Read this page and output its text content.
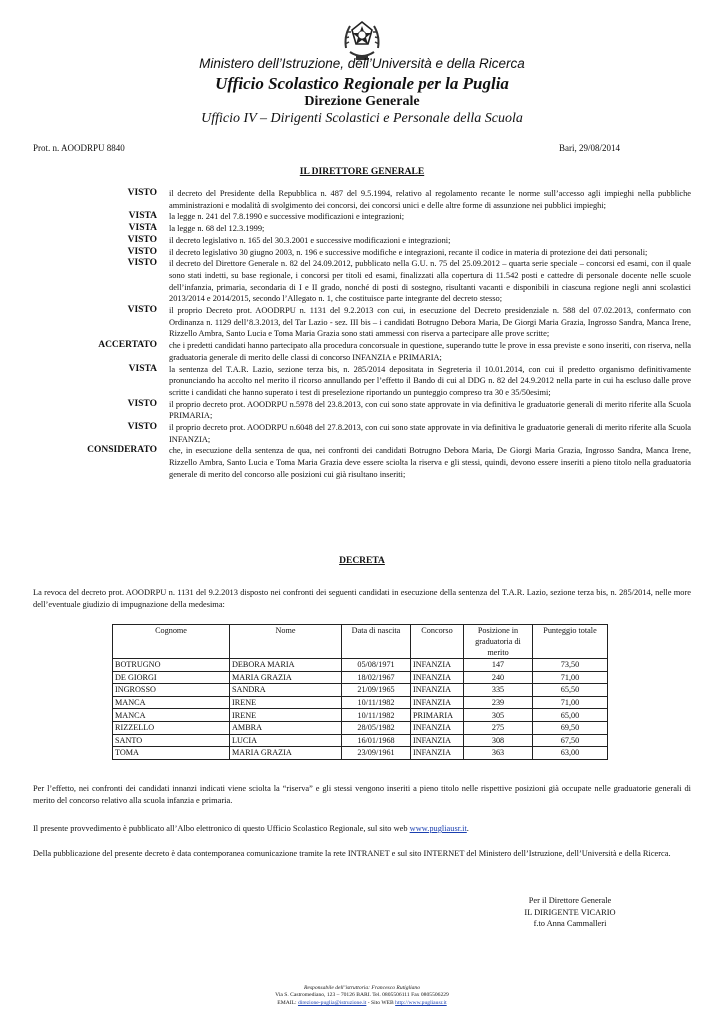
Ministero dell’Istruzione, dell’Università e della Ricerca
Ufficio Scolastico Regionale per la Puglia
Direzione Generale
Ufficio IV – Dirigenti Scolastici e Personale della Scuola
Prot. n. AOODRPU 8840	Bari, 29/08/2014
IL DIRETTORE GENERALE
VISTO	il decreto del Presidente della Repubblica n. 487 del 9.5.1994, relativo al regolamento recante le norme sull’accesso agli impieghi nella pubbliche amministrazioni e modalità di svolgimento dei concorsi, dei concorsi unici e delle altre forme di assunzione nei pubblici impieghi;
VISTA	la legge n. 241 del 7.8.1990 e successive modificazioni e integrazioni;
VISTA	la legge n. 68 del 12.3.1999;
VISTO	il decreto legislativo n. 165 del 30.3.2001 e successive modificazioni e integrazioni;
VISTO	il decreto legislativo 30 giugno 2003, n. 196 e successive modifiche e integrazioni, recante il codice in materia di protezione dei dati personali;
VISTO	il decreto del Direttore Generale n. 82 del 24.09.2012, pubblicato nella G.U. n. 75 del 25.09.2012 – quarta serie speciale – concorsi ed esami, con il quale sono stati indetti, su base regionale, i concorsi per titoli ed esami, finalizzati alla copertura di 11.542 posti e cattedre di personale docente nelle scuole dell’infanzia, primaria, secondaria di I e II grado, nonché di posti di sostegno, risultanti vacanti e disponibili in ciascuna regione negli anni scolastici 2013/2014 e 2014/2015, secondo l’Allegato n. 1, che costituisce parte integrante del decreto stesso;
VISTO	il proprio Decreto prot. AOODRPU n. 1131 del 9.2.2013 con cui, in esecuzione del Decreto presidenziale n. 588 del 07.02.2013, confermato con Ordinanza n. 1129 dell’8.3.2013, del Tar Lazio - sez. III bis – i candidati Botrugno Debora Maria, De Giorgi Maria Grazia, Ingrosso Sandra, Manca Irene, Rizzello Ambra, Santo Lucia e Toma Maria Grazia sono stati ammessi con riserva a partecipare alle prove scritte;
ACCERTATO	che i predetti candidati hanno partecipato alla procedura concorsuale in questione, superando tutte le prove in essa previste e sono inseriti, con riserva, nella graduatoria generale di merito delle classi di concorso INFANZIA e PRIMARIA;
VISTA	la sentenza del T.A.R. Lazio, sezione terza bis, n. 285/2014 depositata in Segreteria il 10.01.2014, con cui il predetto organismo definitivamente pronunciando ha accolto nel merito il ricorso annullando per l’effetto il Bando di cui al DDG n. 82 del 24.9.2012 nella parte in cui ha escluso dalle prove scritte i candidati che hanno superato i test di preselezione riportando un punteggio compreso tra 30 e 35/50esimi;
VISTO	il proprio decreto prot. AOODRPU n.5978 del 23.8.2013, con cui sono state approvate in via definitiva le graduatorie generali di merito riferite alla Scuola PRIMARIA;
VISTO	il proprio decreto prot. AOODRPU n.6048 del 27.8.2013, con cui sono state approvate in via definitiva le graduatorie generali di merito riferite alla Scuola INFANZIA;
CONSIDERATO	che, in esecuzione della sentenza de qua, nei confronti dei candidati Botrugno Debora Maria, De Giorgi Maria Grazia, Ingrosso Sandra, Manca Irene, Rizzello Ambra, Santo Lucia e Toma Maria Grazia deve essere sciolta la riserva e gli stessi, quindi, devono essere inseriti a pieno titolo nella graduatoria generale di merito del concorso alle posizioni cui già risultano inseriti;
DECRETA
La revoca del decreto prot. AOODRPU n. 1131 del 9.2.2013 disposto nei confronti dei seguenti candidati in esecuzione della sentenza del T.A.R. Lazio, sezione terza bis, n. 285/2014, nelle more dell’eventuale giudizio di impugnazione della medesima:
Cognome	Nome	Data di nascita	Concorso	Posizione in graduatoria di merito	Punteggio totale
BOTRUGNO	DEBORA MARIA	05/08/1971	INFANZIA	147	73,50
DE GIORGI	MARIA GRAZIA	18/02/1967	INFANZIA	240	71,00
INGROSSO	SANDRA	21/09/1965	INFANZIA	335	65,50
MANCA	IRENE	10/11/1982	INFANZIA	239	71,00
MANCA	IRENE	10/11/1982	PRIMARIA	305	65,00
RIZZELLO	AMBRA	28/05/1982	INFANZIA	275	69,50
SANTO	LUCIA	16/01/1968	INFANZIA	308	67,50
TOMA	MARIA GRAZIA	23/09/1961	INFANZIA	363	63,00
Per l’effetto, nei confronti dei candidati innanzi indicati viene sciolta la “riserva” e gli stessi vengono inseriti a pieno titolo nelle rispettive posizioni già occupate nelle graduatorie generali di merito del concorso relativo alla scuola infanzia e primaria.
Il presente provvedimento è pubblicato all’Albo elettronico di questo Ufficio Scolastico Regionale, sul sito web www.pugliausr.it.
Della pubblicazione del presente decreto è data contemporanea comunicazione tramite la rete INTRANET e sul sito INTERNET del Ministero dell’Istruzione, dell’Università e della Ricerca.
Per il Direttore Generale
IL DIRIGENTE VICARIO
f.to Anna Cammalleri
Responsabile dell’istruttoria: Francesco Rutigliano
Via S. Castromediano, 123 – 70126 BARI. Tel. 0805506111 Fax 0805506229
EMAIL: direzione-puglia@istruzione.it - Sito WEB http://www.pugliausr.it
